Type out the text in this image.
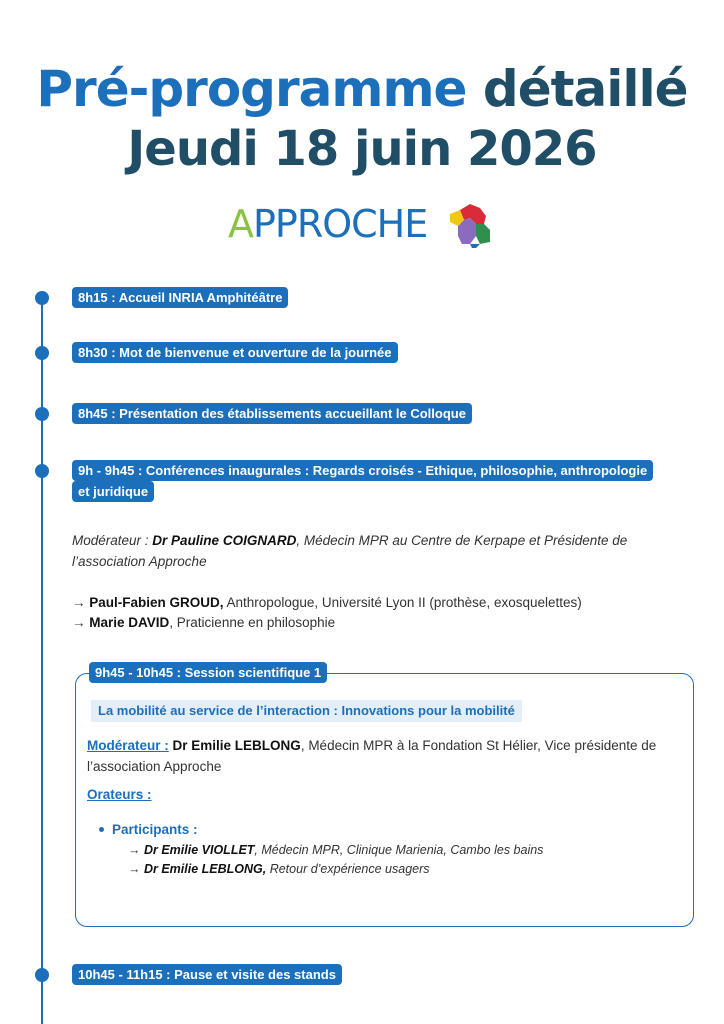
Pré-programme détaillé
Jeudi 18 juin 2026
APPROCHE
8h15 : Accueil INRIA Amphitéâtre
8h30 : Mot de bienvenue et ouverture de la journée
8h45 : Présentation des établissements accueillant le Colloque
9h - 9h45 : Conférences inaugurales : Regards croisés - Ethique, philosophie, anthropologie
et juridique
Modérateur : Dr Pauline COIGNARD, Médecin MPR au Centre de Kerpape et Présidente de l’association Approche
→ Paul-Fabien GROUD, Anthropologue, Université Lyon II (prothèse, exosquelettes)
→ Marie DAVID, Praticienne en philosophie
9h45 - 10h45 : Session scientifique 1
La mobilité au service de l’interaction : Innovations pour la mobilité
Modérateur : Dr Emilie LEBLONG, Médecin MPR à la Fondation St Hélier, Vice présidente de l’association Approche
Orateurs :
Participants :
→ Dr Emilie VIOLLET, Médecin MPR, Clinique Marienia, Cambo les bains
→ Dr Emilie LEBLONG, Retour d’expérience usagers
10h45 - 11h15 : Pause et visite des stands
